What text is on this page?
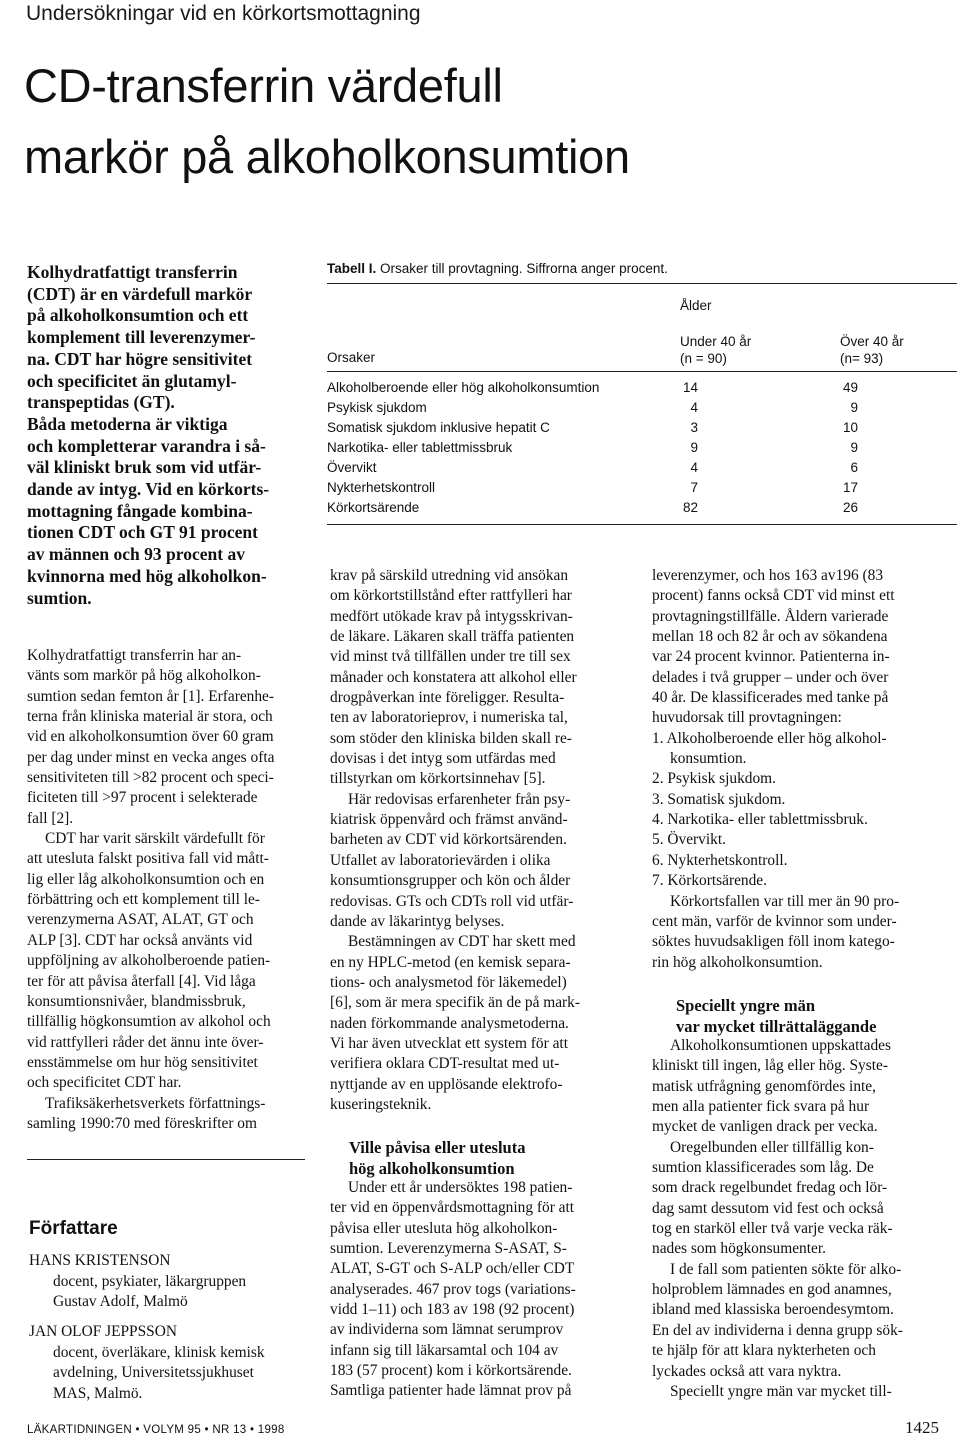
Undersökningar vid en körkortsmottagning
CD-transferrin värdefull
markör på alkoholkonsumtion
Kolhydratfattigt transferrin
(CDT) är en värdefull markör
på alkoholkonsumtion och ett
komplement till leverenzymer-
na. CDT har högre sensitivitet
och specificitet än glutamyl-
transpeptidas (GT).
Båda metoderna är viktiga
och kompletterar varandra i så-
väl kliniskt bruk som vid utfär-
dande av intyg. Vid en körkorts-
mottagning fångade kombina-
tionen CDT och GT 91 procent
av männen och 93 procent av
kvinnorna med hög alkoholkon-
sumtion.
Kolhydratfattigt transferrin har an-
vänts som markör på hög alkoholkon-
sumtion sedan femton år [1]. Erfarenhe-
terna från kliniska material är stora, och
vid en alkoholkonsumtion över 60 gram
per dag under minst en vecka anges ofta
sensitiviteten till >82 procent och speci-
ficiteten till >97 procent i selekterade
fall [2].
CDT har varit särskilt värdefullt för
att utesluta falskt positiva fall vid mått-
lig eller låg alkoholkonsumtion och en
förbättring och ett komplement till le-
verenzymerna ASAT, ALAT, GT och
ALP [3]. CDT har också använts vid
uppföljning av alkoholberoende patien-
ter för att påvisa återfall [4]. Vid låga
konsumtionsnivåer, blandmissbruk,
tillfällig högkonsumtion av alkohol och
vid rattfylleri råder det ännu inte över-
ensstämmelse om hur hög sensitivitet
och specificitet CDT har.
Trafiksäkerhetsverkets författnings-
samling 1990:70 med föreskrifter om
Författare
HANS KRISTENSON
docent, psykiater, läkargruppen
Gustav Adolf, Malmö
JAN OLOF JEPPSSON
docent, överläkare, klinisk kemisk
avdelning, Universitetssjukhuset
MAS, Malmö.
Tabell I. Orsaker till provtagning. Siffrorna anger procent.
Ålder
Under 40 år
(n = 90)
Över 40 år
(n= 93)
Orsaker
Alkoholberoende eller hög alkoholkonsumtion	14	49
Psykisk sjukdom	4	9
Somatisk sjukdom inklusive hepatit C	3	10
Narkotika- eller tablettmissbruk	9	9
Övervikt	4	6
Nykterhetskontroll	7	17
Körkortsärende	82	26
krav på särskild utredning vid ansökan
om körkortstillstånd efter rattfylleri har
medfört utökade krav på intygsskrivan-
de läkare. Läkaren skall träffa patienten
vid minst två tillfällen under tre till sex
månader och konstatera att alkohol eller
drogpåverkan inte föreligger. Resulta-
ten av laboratorieprov, i numeriska tal,
som stöder den kliniska bilden skall re-
dovisas i det intyg som utfärdas med
tillstyrkan om körkortsinnehav [5].
Här redovisas erfarenheter från psy-
kiatrisk öppenvård och främst använd-
barheten av CDT vid körkortsärenden.
Utfallet av laboratorievärden i olika
konsumtionsgrupper och kön och ålder
redovisas. GTs och CDTs roll vid utfär-
dande av läkarintyg belyses.
Bestämningen av CDT har skett med
en ny HPLC-metod (en kemisk separa-
tions- och analysmetod för läkemedel)
[6], som är mera specifik än de på mark-
naden förkommande analysmetoderna.
Vi har även utvecklat ett system för att
verifiera oklara CDT-resultat med ut-
nyttjande av en upplösande elektrofo-
kuseringsteknik.
Ville påvisa eller utesluta
hög alkoholkonsumtion
Under ett år undersöktes 198 patien-
ter vid en öppenvårdsmottagning för att
påvisa eller utesluta hög alkoholkon-
sumtion. Leverenzymerna S-ASAT, S-
ALAT, S-GT och S-ALP och/eller CDT
analyserades. 467 prov togs (variations-
vidd 1–11) och 183 av 198 (92 procent)
av individerna som lämnat serumprov
infann sig till läkarsamtal och 104 av
183 (57 procent) kom i körkortsärende.
Samtliga patienter hade lämnat prov på
leverenzymer, och hos 163 av196 (83
procent) fanns också CDT vid minst ett
provtagningstillfälle. Åldern varierade
mellan 18 och 82 år och av sökandena
var 24 procent kvinnor. Patienterna in-
delades i två grupper – under och över
40 år. De klassificerades med tanke på
huvudorsak till provtagningen:
1. Alkoholberoende eller hög alkohol-
konsumtion.
2. Psykisk sjukdom.
3. Somatisk sjukdom.
4. Narkotika- eller tablettmissbruk.
5. Övervikt.
6. Nykterhetskontroll.
7. Körkortsärende.
Körkortsfallen var till mer än 90 pro-
cent män, varför de kvinnor som under-
söktes huvudsakligen föll inom katego-
rin hög alkoholkonsumtion.
Speciellt yngre män
var mycket tillrättaläggande
Alkoholkonsumtionen uppskattades
kliniskt till ingen, låg eller hög. Syste-
matisk utfrågning genomfördes inte,
men alla patienter fick svara på hur
mycket de vanligen drack per vecka.
Oregelbunden eller tillfällig kon-
sumtion klassificerades som låg. De
som drack regelbundet fredag och lör-
dag samt dessutom vid fest och också
tog en starköl eller två varje vecka räk-
nades som högkonsumenter.
I de fall som patienten sökte för alko-
holproblem lämnades en god anamnes,
ibland med klassiska beroendesymtom.
En del av individerna i denna grupp sök-
te hjälp för att klara nykterheten och
lyckades också att vara nyktra.
Speciellt yngre män var mycket till-
LÄKARTIDNINGEN • VOLYM 95 • NR 13 • 1998	1425
